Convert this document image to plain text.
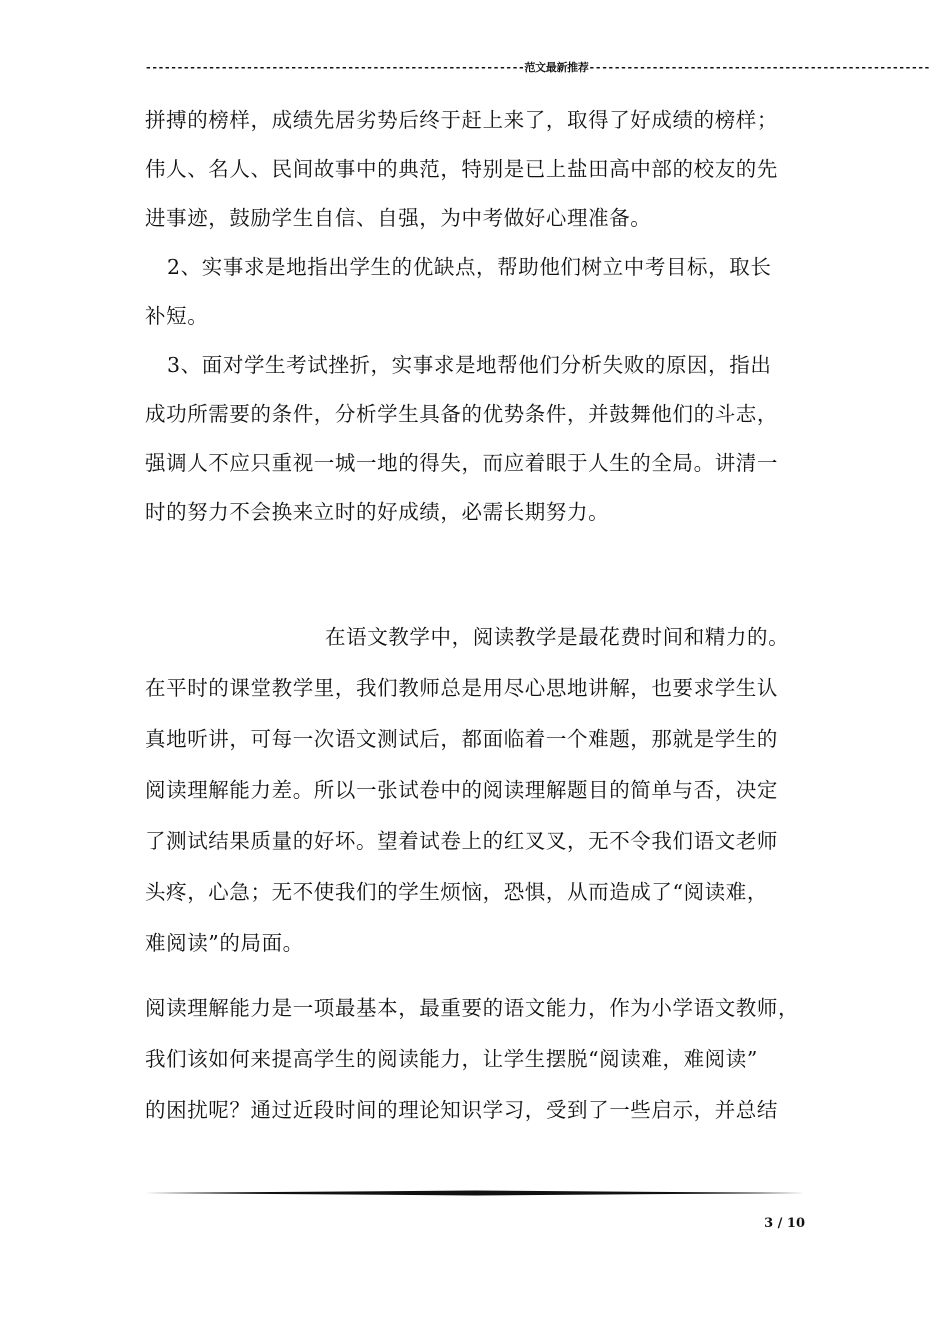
------------------------------------------------------------范文最新推荐------------------------------------------------------
拼搏的榜样，成绩先居劣势后终于赶上来了，取得了好成绩的榜样；
伟人、名人、民间故事中的典范，特别是已上盐田高中部的校友的先
进事迹，鼓励学生自信、自强，为中考做好心理准备。
2、实事求是地指出学生的优缺点，帮助他们树立中考目标，取长
补短。
3、面对学生考试挫折，实事求是地帮他们分析失败的原因，指出
成功所需要的条件，分析学生具备的优势条件，并鼓舞他们的斗志，
强调人不应只重视一城一地的得失，而应着眼于人生的全局。讲清一
时的努力不会换来立时的好成绩，必需长期努力。
在语文教学中，阅读教学是最花费时间和精力的。
在平时的课堂教学里，我们教师总是用尽心思地讲解，也要求学生认
真地听讲，可每一次语文测试后，都面临着一个难题，那就是学生的
阅读理解能力差。所以一张试卷中的阅读理解题目的简单与否，决定
了测试结果质量的好坏。望着试卷上的红叉叉，无不令我们语文老师
头疼，心急；无不使我们的学生烦恼，恐惧，从而造成了“阅读难，
难阅读”的局面。
阅读理解能力是一项最基本，最重要的语文能力，作为小学语文教师，
我们该如何来提高学生的阅读能力，让学生摆脱“阅读难，难阅读”
的困扰呢？通过近段时间的理论知识学习，受到了一些启示，并总结
3 / 10
